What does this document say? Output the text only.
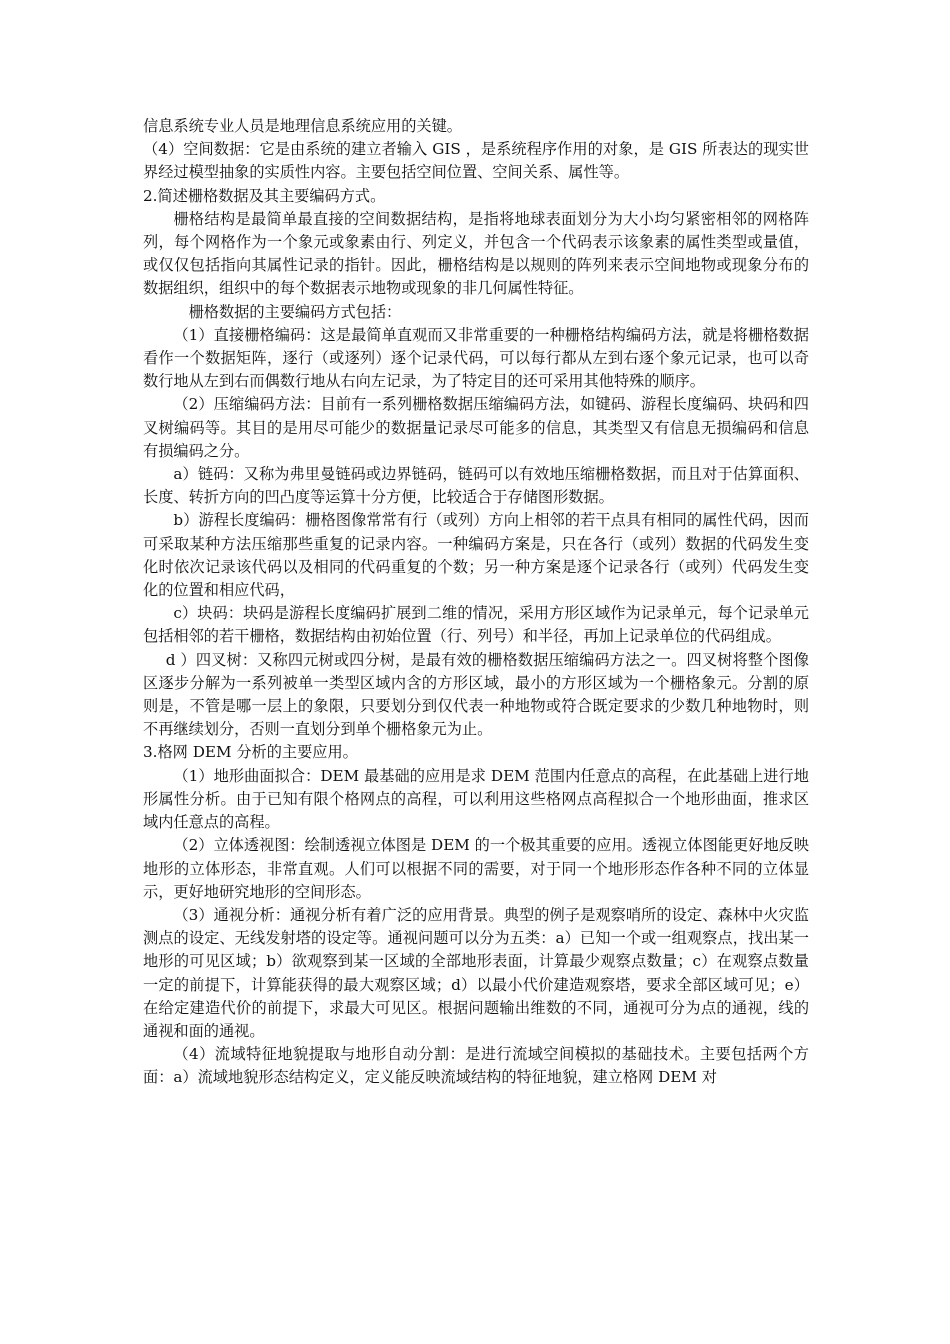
信息系统专业人员是地理信息系统应用的关键。

（4）空间数据：它是由系统的建立者输入 GIS ，是系统程序作用的对象，是 GIS 所表达的现实世界经过模型抽象的实质性内容。主要包括空间位置、空间关系、属性等。

2.简述栅格数据及其主要编码方式。

栅格结构是最简单最直接的空间数据结构，是指将地球表面划分为大小均匀紧密相邻的网格阵列，每个网格作为一个象元或象素由行、列定义，并包含一个代码表示该象素的属性类型或量值，或仅仅包括指向其属性记录的指针。因此，栅格结构是以规则的阵列来表示空间地物或现象分布的数据组织，组织中的每个数据表示地物或现象的非几何属性特征。

栅格数据的主要编码方式包括：

（1）直接栅格编码：这是最简单直观而又非常重要的一种栅格结构编码方法，就是将栅格数据看作一个数据矩阵，逐行（或逐列）逐个记录代码，可以每行都从左到右逐个象元记录，也可以奇数行地从左到右而偶数行地从右向左记录，为了特定目的还可采用其他特殊的顺序。

（2）压缩编码方法：目前有一系列栅格数据压缩编码方法，如键码、游程长度编码、块码和四叉树编码等。其目的是用尽可能少的数据量记录尽可能多的信息，其类型又有信息无损编码和信息有损编码之分。

a）链码：又称为弗里曼链码或边界链码，链码可以有效地压缩栅格数据，而且对于估算面积、长度、转折方向的凹凸度等运算十分方便，比较适合于存储图形数据。

b）游程长度编码：栅格图像常常有行（或列）方向上相邻的若干点具有相同的属性代码，因而可采取某种方法压缩那些重复的记录内容。一种编码方案是，只在各行（或列）数据的代码发生变化时依次记录该代码以及相同的代码重复的个数；另一种方案是逐个记录各行（或列）代码发生变化的位置和相应代码，

c）块码：块码是游程长度编码扩展到二维的情况，采用方形区域作为记录单元，每个记录单元包括相邻的若干栅格，数据结构由初始位置（行、列号）和半径，再加上记录单位的代码组成。

d ）四叉树：又称四元树或四分树，是最有效的栅格数据压缩编码方法之一。四叉树将整个图像区逐步分解为一系列被单一类型区域内含的方形区域，最小的方形区域为一个栅格象元。分割的原则是，不管是哪一层上的象限，只要划分到仅代表一种地物或符合既定要求的少数几种地物时，则不再继续划分，否则一直划分到单个栅格象元为止。

3.格网 DEM 分析的主要应用。

（1）地形曲面拟合：DEM 最基础的应用是求 DEM 范围内任意点的高程，在此基础上进行地形属性分析。由于已知有限个格网点的高程，可以利用这些格网点高程拟合一个地形曲面，推求区域内任意点的高程。

（2）立体透视图：绘制透视立体图是 DEM 的一个极其重要的应用。透视立体图能更好地反映地形的立体形态，非常直观。人们可以根据不同的需要，对于同一个地形形态作各种不同的立体显示，更好地研究地形的空间形态。

（3）通视分析：通视分析有着广泛的应用背景。典型的例子是观察哨所的设定、森林中火灾监测点的设定、无线发射塔的设定等。通视问题可以分为五类：a）已知一个或一组观察点，找出某一地形的可见区域；b）欲观察到某一区域的全部地形表面，计算最少观察点数量；c）在观察点数量一定的前提下，计算能获得的最大观察区域；d）以最小代价建造观察塔，要求全部区域可见；e）在给定建造代价的前提下，求最大可见区。根据问题输出维数的不同，通视可分为点的通视，线的通视和面的通视。

（4）流域特征地貌提取与地形自动分割：是进行流域空间模拟的基础技术。主要包括两个方面：a）流域地貌形态结构定义，定义能反映流域结构的特征地貌，建立格网 DEM 对
